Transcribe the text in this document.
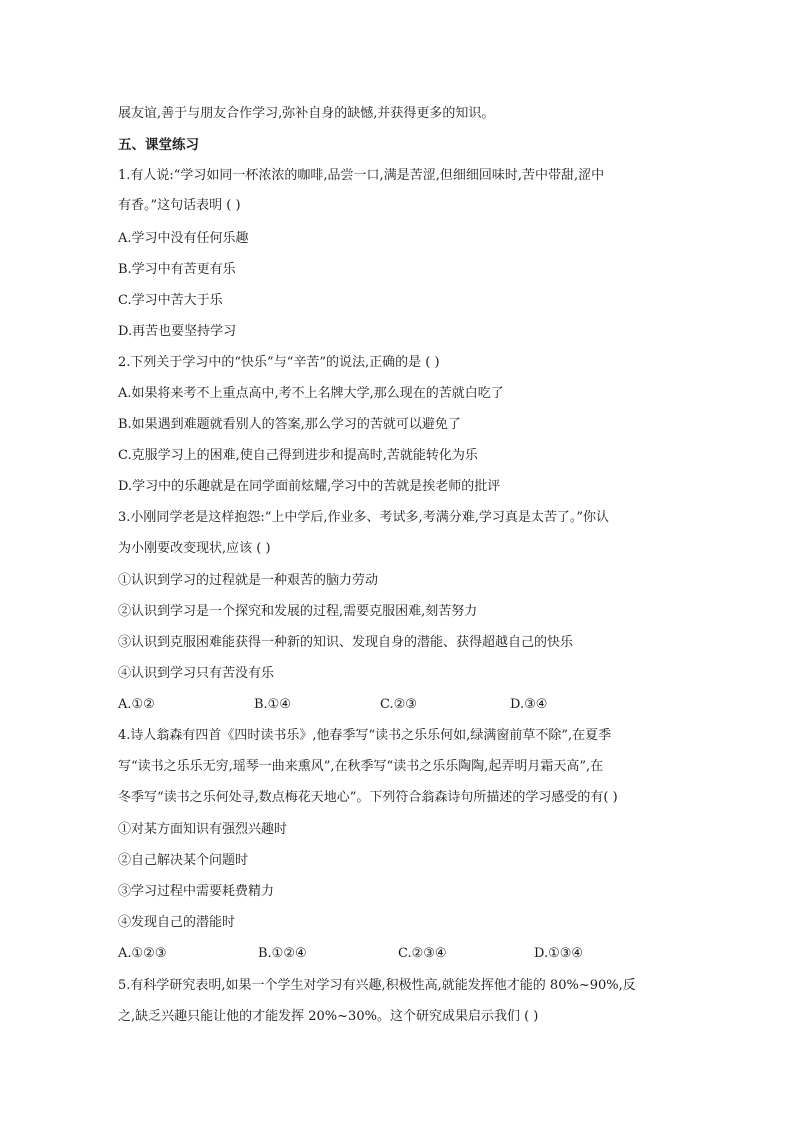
展友谊,善于与朋友合作学习,弥补自身的缺憾,并获得更多的知识。
五、课堂练习
1.有人说:“学习如同一杯浓浓的咖啡,品尝一口,满是苦涩,但细细回味时,苦中带甜,涩中
有香。”这句话表明 ( )
A.学习中没有任何乐趣
B.学习中有苦更有乐
C.学习中苦大于乐
D.再苦也要坚持学习
2.下列关于学习中的“快乐”与“辛苦”的说法,正确的是 ( )
A.如果将来考不上重点高中,考不上名牌大学,那么现在的苦就白吃了
B.如果遇到难题就看别人的答案,那么学习的苦就可以避免了
C.克服学习上的困难,使自己得到进步和提高时,苦就能转化为乐
D.学习中的乐趣就是在同学面前炫耀,学习中的苦就是挨老师的批评
3.小刚同学老是这样抱怨:“上中学后,作业多、考试多,考满分难,学习真是太苦了。”你认
为小刚要改变现状,应该 ( )
①认识到学习的过程就是一种艰苦的脑力劳动
②认识到学习是一个探究和发展的过程,需要克服困难,刻苦努力
③认识到克服困难能获得一种新的知识、发现自身的潜能、获得超越自己的快乐
④认识到学习只有苦没有乐
A.①②	B.①④	C.②③	D.③④
4.诗人翁森有四首《四时读书乐》,他春季写“读书之乐乐何如,绿满窗前草不除”,在夏季
写“读书之乐乐无穷,瑶琴一曲来熏风”,在秋季写“读书之乐乐陶陶,起弄明月霜天高”,在
冬季写“读书之乐何处寻,数点梅花天地心”。下列符合翁森诗句所描述的学习感受的有( )
①对某方面知识有强烈兴趣时
②自己解决某个问题时
③学习过程中需要耗费精力
④发现自己的潜能时
A.①②③	B.①②④	C.②③④	D.①③④
5.有科学研究表明,如果一个学生对学习有兴趣,积极性高,就能发挥他才能的 80%~90%,反
之,缺乏兴趣只能让他的才能发挥 20%~30%。这个研究成果启示我们 ( )
